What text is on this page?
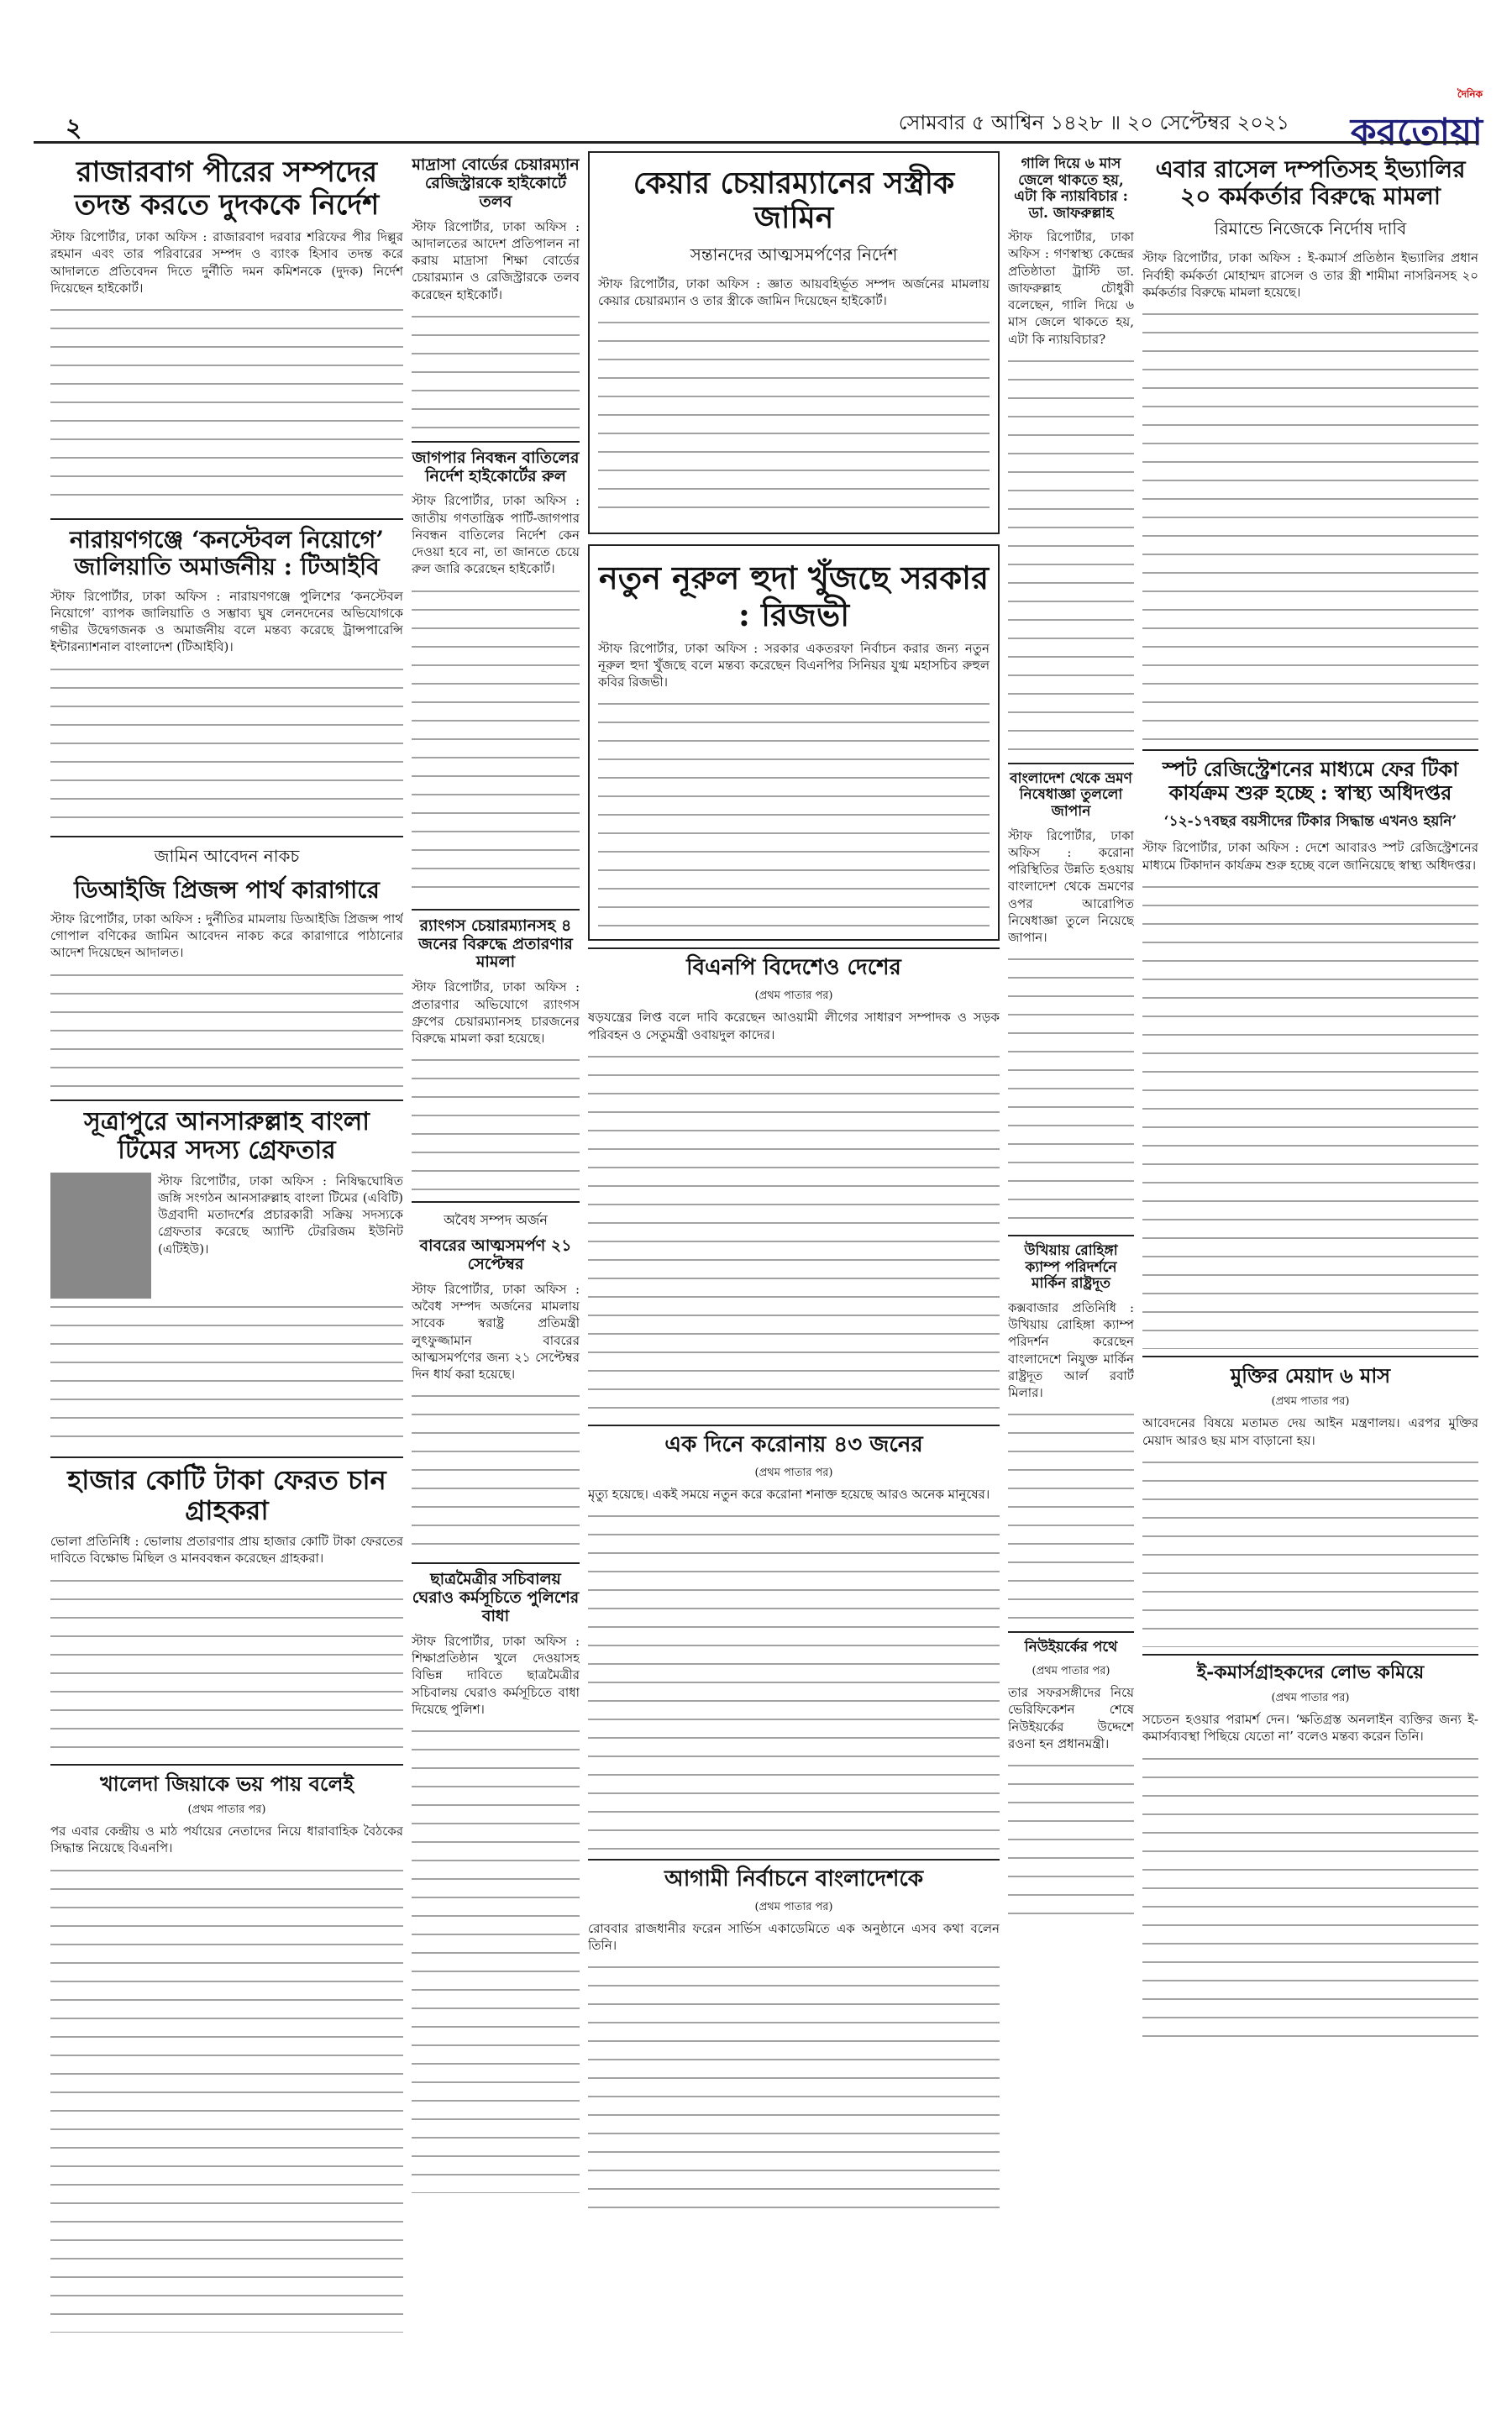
২	সোমবার ৫ আশ্বিন ১৪২৮ ॥ ২০ সেপ্টেম্বর ২০২১
দৈনিক
করতোয়া
রাজারবাগ পীরের সম্পদের তদন্ত করতে দুদককে নির্দেশ

স্টাফ রিপোর্টার, ঢাকা অফিস : রাজারবাগ দরবার শরিফের পীর দিল্লুর রহমান এবং তার পরিবারের সম্পদ ও ব্যাংক হিসাব তদন্ত করে আদালতে প্রতিবেদন দিতে দুর্নীতি দমন কমিশনকে (দুদক) নির্দেশ দিয়েছেন হাইকোর্ট।

নারায়ণগঞ্জে ‘কনস্টেবল নিয়োগে’ জালিয়াতি অমার্জনীয় : টিআইবি

স্টাফ রিপোর্টার, ঢাকা অফিস : নারায়ণগঞ্জে পুলিশের ‘কনস্টেবল নিয়োগে’ ব্যাপক জালিয়াতি ও সম্ভাব্য ঘুষ লেনদেনের অভিযোগকে গভীর উদ্বেগজনক ও অমার্জনীয় বলে মন্তব্য করেছে ট্রান্সপারেন্সি ইন্টারন্যাশনাল বাংলাদেশ (টিআইবি)।

জামিন আবেদন নাকচ
ডিআইজি প্রিজন্স পার্থ কারাগারে

স্টাফ রিপোর্টার, ঢাকা অফিস : দুর্নীতির মামলায় ডিআইজি প্রিজন্স পার্থ গোপাল বণিকের জামিন আবেদন নাকচ করে কারাগারে পাঠানোর আদেশ দিয়েছেন আদালত।

সূত্রাপুরে আনসারুল্লাহ বাংলা টিমের সদস্য গ্রেফতার

স্টাফ রিপোর্টার, ঢাকা অফিস : নিষিদ্ধঘোষিত জঙ্গি সংগঠন আনসারুল্লাহ বাংলা টিমের (এবিটি) উগ্রবাদী মতাদর্শের প্রচারকারী সক্রিয় সদস্যকে গ্রেফতার করেছে অ্যান্টি টেররিজম ইউনিট (এটিইউ)।

হাজার কোটি টাকা ফেরত চান গ্রাহকরা

ভোলা প্রতিনিধি : ভোলায় প্রতারণার প্রায় হাজার কোটি টাকা ফেরতের দাবিতে বিক্ষোভ মিছিল ও মানববন্ধন করেছেন গ্রাহকরা।

খালেদা জিয়াকে ভয় পায় বলেই
(প্রথম পাতার পর)

পর এবার কেন্দ্রীয় ও মাঠ পর্যায়ের নেতাদের নিয়ে ধারাবাহিক বৈঠকের সিদ্ধান্ত নিয়েছে বিএনপি।

মাদ্রাসা বোর্ডের চেয়ারম্যান রেজিস্ট্রারকে হাইকোর্টে তলব

স্টাফ রিপোর্টার, ঢাকা অফিস : আদালতের আদেশ প্রতিপালন না করায় মাদ্রাসা শিক্ষা বোর্ডের চেয়ারম্যান ও রেজিস্ট্রারকে তলব করেছেন হাইকোর্ট।

জাগপার নিবন্ধন বাতিলের নির্দেশ হাইকোর্টের রুল

স্টাফ রিপোর্টার, ঢাকা অফিস : জাতীয় গণতান্ত্রিক পার্টি-জাগপার নিবন্ধন বাতিলের নির্দেশ কেন দেওয়া হবে না, তা জানতে চেয়ে রুল জারি করেছেন হাইকোর্ট।

র‌্যাংগস চেয়ারম্যানসহ ৪ জনের বিরুদ্ধে প্রতারণার মামলা

স্টাফ রিপোর্টার, ঢাকা অফিস : প্রতারণার অভিযোগে র‌্যাংগস গ্রুপের চেয়ারম্যানসহ চারজনের বিরুদ্ধে মামলা করা হয়েছে।

অবৈধ সম্পদ অর্জন
বাবরের আত্মসমর্পণ ২১ সেপ্টেম্বর

স্টাফ রিপোর্টার, ঢাকা অফিস : অবৈধ সম্পদ অর্জনের মামলায় সাবেক স্বরাষ্ট্র প্রতিমন্ত্রী লুৎফুজ্জামান বাবরের আত্মসমর্পণের জন্য ২১ সেপ্টেম্বর দিন ধার্য করা হয়েছে।

ছাত্রমৈত্রীর সচিবালয় ঘেরাও কর্মসূচিতে পুলিশের বাধা

স্টাফ রিপোর্টার, ঢাকা অফিস : শিক্ষাপ্রতিষ্ঠান খুলে দেওয়াসহ বিভিন্ন দাবিতে ছাত্রমৈত্রীর সচিবালয় ঘেরাও কর্মসূচিতে বাধা দিয়েছে পুলিশ।

কেয়ার চেয়ারম্যানের সস্ত্রীক জামিন
সন্তানদের আত্মসমর্পণের নির্দেশ

স্টাফ রিপোর্টার, ঢাকা অফিস : জ্ঞাত আয়বহির্ভূত সম্পদ অর্জনের মামলায় কেয়ার চেয়ারম্যান ও তার স্ত্রীকে জামিন দিয়েছেন হাইকোর্ট।

নতুন নূরুল হুদা খুঁজছে সরকার : রিজভী

স্টাফ রিপোর্টার, ঢাকা অফিস : সরকার একতরফা নির্বাচন করার জন্য নতুন নূরুল হুদা খুঁজছে বলে মন্তব্য করেছেন বিএনপির সিনিয়র যুগ্ম মহাসচিব রুহুল কবির রিজভী।

বিএনপি বিদেশেও দেশের
(প্রথম পাতার পর)

ষড়যন্ত্রের লিপ্ত বলে দাবি করেছেন আওয়ামী লীগের সাধারণ সম্পাদক ও সড়ক পরিবহন ও সেতুমন্ত্রী ওবায়দুল কাদের।

এক দিনে করোনায় ৪৩ জনের
(প্রথম পাতার পর)

মৃত্যু হয়েছে। একই সময়ে নতুন করে করোনা শনাক্ত হয়েছে আরও অনেক মানুষের।

আগামী নির্বাচনে বাংলাদেশকে
(প্রথম পাতার পর)

রোববার রাজধানীর ফরেন সার্ভিস একাডেমিতে এক অনুষ্ঠানে এসব কথা বলেন তিনি।

গালি দিয়ে ৬ মাস জেলে থাকতে হয়, এটা কি ন্যায়বিচার : ডা. জাফরুল্লাহ

স্টাফ রিপোর্টার, ঢাকা অফিস : গণস্বাস্থ্য কেন্দ্রের প্রতিষ্ঠাতা ট্রাস্টি ডা. জাফরুল্লাহ চৌধুরী বলেছেন, গালি দিয়ে ৬ মাস জেলে থাকতে হয়, এটা কি ন্যায়বিচার?

বাংলাদেশ থেকে ভ্রমণ নিষেধাজ্ঞা তুললো জাপান

স্টাফ রিপোর্টার, ঢাকা অফিস : করোনা পরিস্থিতির উন্নতি হওয়ায় বাংলাদেশ থেকে ভ্রমণের ওপর আরোপিত নিষেধাজ্ঞা তুলে নিয়েছে জাপান।

উখিয়ায় রোহিঙ্গা ক্যাম্প পরিদর্শনে মার্কিন রাষ্ট্রদূত

কক্সবাজার প্রতিনিধি : উখিয়ায় রোহিঙ্গা ক্যাম্প পরিদর্শন করেছেন বাংলাদেশে নিযুক্ত মার্কিন রাষ্ট্রদূত আর্ল রবার্ট মিলার।

নিউইয়র্কের পথে
(প্রথম পাতার পর)

তার সফরসঙ্গীদের নিয়ে ভেরিফিকেশন শেষে নিউইয়র্কের উদ্দেশে রওনা হন প্রধানমন্ত্রী।

এবার রাসেল দম্পতিসহ ইভ্যালির ২০ কর্মকর্তার বিরুদ্ধে মামলা
রিমান্ডে নিজেকে নির্দোষ দাবি

স্টাফ রিপোর্টার, ঢাকা অফিস : ই-কমার্স প্রতিষ্ঠান ইভ্যালির প্রধান নির্বাহী কর্মকর্তা মোহাম্মদ রাসেল ও তার স্ত্রী শামীমা নাসরিনসহ ২০ কর্মকর্তার বিরুদ্ধে মামলা হয়েছে।

স্পট রেজিস্ট্রেশনের মাধ্যমে ফের টিকা কার্যক্রম শুরু হচ্ছে : স্বাস্থ্য অধিদপ্তর
‘১২-১৭বছর বয়সীদের টিকার সিদ্ধান্ত এখনও হয়নি’

স্টাফ রিপোর্টার, ঢাকা অফিস : দেশে আবারও স্পট রেজিস্ট্রেশনের মাধ্যমে টিকাদান কার্যক্রম শুরু হচ্ছে বলে জানিয়েছে স্বাস্থ্য অধিদপ্তর।

মুক্তির মেয়াদ ৬ মাস
(প্রথম পাতার পর)

আবেদনের বিষয়ে মতামত দেয় আইন মন্ত্রণালয়। এরপর মুক্তির মেয়াদ আরও ছয় মাস বাড়ানো হয়।

ই-কমার্সগ্রাহকদের লোভ কমিয়ে
(প্রথম পাতার পর)

সচেতন হওয়ার পরামর্শ দেন। ‘ক্ষতিগ্রস্ত অনলাইন ব্যক্তির জন্য ই-কমার্সব্যবস্থা পিছিয়ে যেতো না’ বলেও মন্তব্য করেন তিনি।
